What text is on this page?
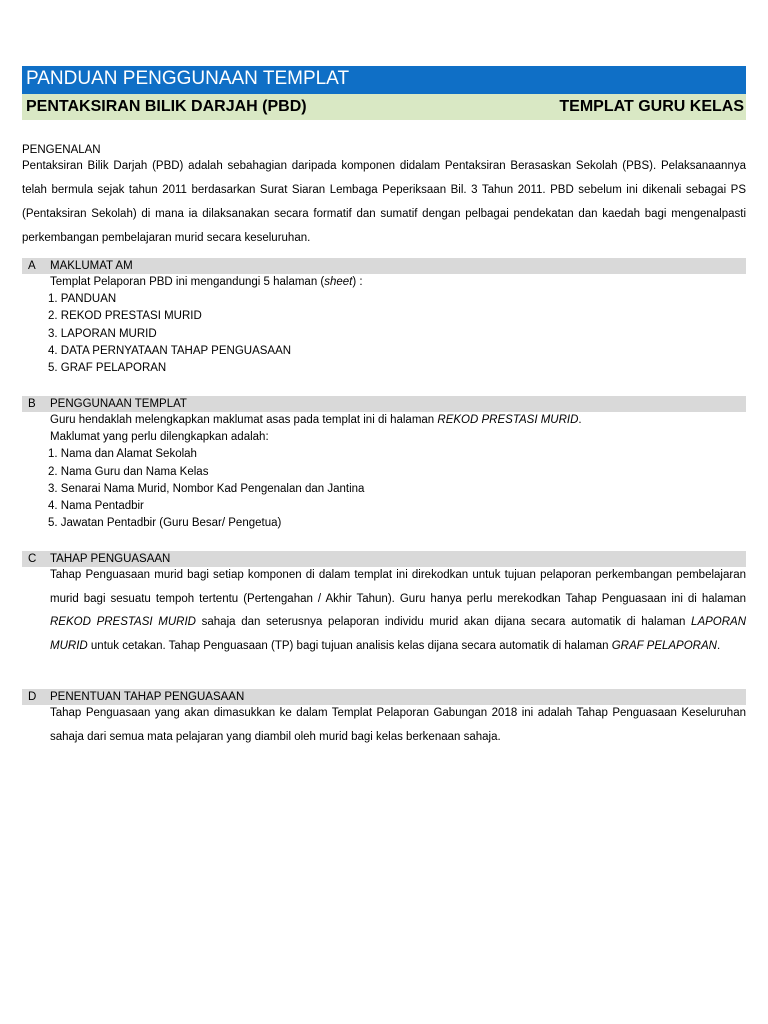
PANDUAN PENGGUNAAN TEMPLAT
PENTAKSIRAN BILIK DARJAH (PBD)	TEMPLAT GURU KELAS
PENGENALAN
Pentaksiran Bilik Darjah (PBD) adalah sebahagian daripada komponen didalam Pentaksiran Berasaskan Sekolah (PBS). Pelaksanaannya telah bermula sejak tahun 2011 berdasarkan Surat Siaran Lembaga Peperiksaan Bil. 3 Tahun 2011. PBD sebelum ini dikenali sebagai PS (Pentaksiran Sekolah) di mana ia dilaksanakan secara formatif dan sumatif dengan pelbagai pendekatan dan kaedah bagi mengenalpasti perkembangan pembelajaran murid secara keseluruhan.
A	MAKLUMAT AM
Templat Pelaporan PBD ini mengandungi 5 halaman (sheet) :
1. PANDUAN
2. REKOD PRESTASI MURID
3. LAPORAN MURID
4. DATA PERNYATAAN TAHAP PENGUASAAN
5. GRAF PELAPORAN
B	PENGGUNAAN TEMPLAT
Guru hendaklah melengkapkan maklumat asas pada templat ini di halaman REKOD PRESTASI MURID.
Maklumat yang perlu dilengkapkan adalah:
1. Nama dan Alamat Sekolah
2. Nama Guru dan Nama Kelas
3. Senarai Nama Murid, Nombor Kad Pengenalan dan Jantina
4. Nama Pentadbir
5. Jawatan Pentadbir (Guru Besar/ Pengetua)
C	TAHAP PENGUASAAN
Tahap Penguasaan murid bagi setiap komponen di dalam templat ini direkodkan untuk tujuan pelaporan perkembangan pembelajaran murid bagi sesuatu tempoh tertentu (Pertengahan / Akhir Tahun). Guru hanya perlu merekodkan Tahap Penguasaan ini di halaman REKOD PRESTASI MURID sahaja dan seterusnya pelaporan individu murid akan dijana secara automatik di halaman LAPORAN MURID untuk cetakan. Tahap Penguasaan (TP) bagi tujuan analisis kelas dijana secara automatik di halaman GRAF PELAPORAN.
D	PENENTUAN TAHAP PENGUASAAN
Tahap Penguasaan yang akan dimasukkan ke dalam Templat Pelaporan Gabungan 2018 ini adalah Tahap Penguasaan Keseluruhan sahaja dari semua mata pelajaran yang diambil oleh murid bagi kelas berkenaan sahaja.
